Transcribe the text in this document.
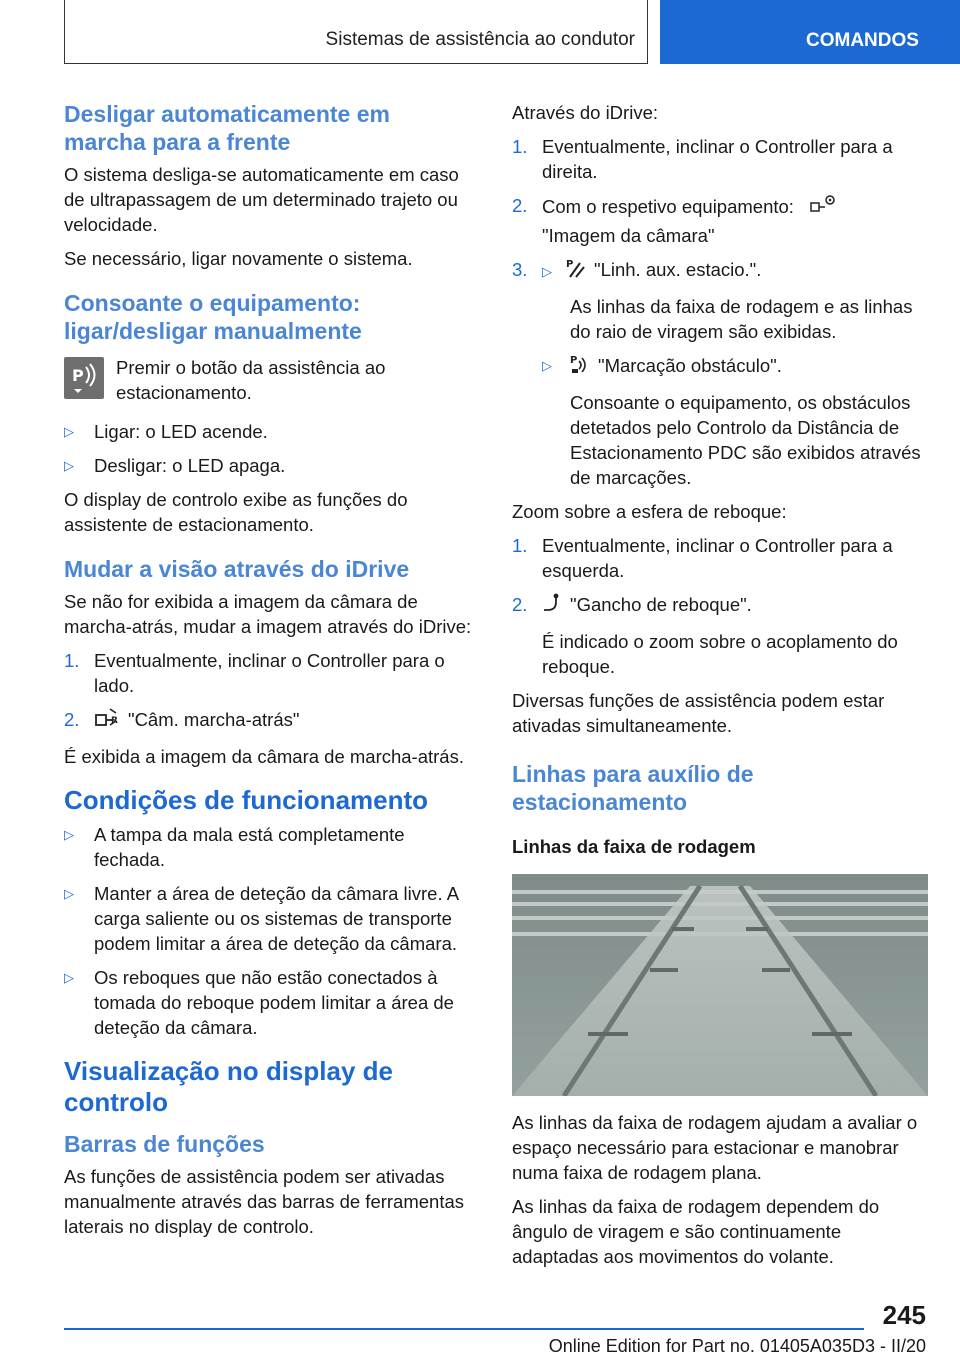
Sistemas de assistência ao condutor	COMANDOS
Desligar automaticamente em marcha para a frente

O sistema desliga-se automaticamente em caso de ultrapassagem de um determinado trajeto ou velocidade.

Se necessário, ligar novamente o sistema.

Consoante o equipamento: ligar/desligar manualmente
P Premir o botão da assistência ao estacionamento.

▷ Ligar: o LED acende.
▷ Desligar: o LED apaga.

O display de controlo exibe as funções do assistente de estacionamento.

Mudar a visão através do iDrive

Se não for exibida a imagem da câmara de marcha-atrás, mudar a imagem através do iDrive:

1. Eventualmente, inclinar o Controller para o lado.
2.	R "Câm. marcha-atrás"

É exibida a imagem da câmara de marcha-atrás.

Condições de funcionamento
▷ A tampa da mala está completamente fechada.
▷ Manter a área de deteção da câmara livre. A carga saliente ou os sistemas de transporte podem limitar a área de deteção da câmara.
▷ Os reboques que não estão conectados à tomada do reboque podem limitar a área de deteção da câmara.
Visualização no display de controlo
Barras de funções

As funções de assistência podem ser ativadas manualmente através das barras de ferramentas laterais no display de controlo.

Através do iDrive:

1. Eventualmente, inclinar o Controller para a direita.
2. Com o respetivo equipamento:
"Imagem da câmara"
3. ▷ P "Linh. aux. estacio.".

As linhas da faixa de rodagem e as linhas do raio de viragem são exibidas.

▷ P "Marcação obstáculo".

Consoante o equipamento, os obstáculos detetados pelo Controlo da Distância de Estacionamento PDC são exibidos através de marcações.

Zoom sobre a esfera de reboque:

1. Eventualmente, inclinar o Controller para a esquerda.
2. "Gancho de reboque".

É indicado o zoom sobre o acoplamento do reboque.

Diversas funções de assistência podem estar ativadas simultaneamente.

Linhas para auxílio de estacionamento
Linhas da faixa de rodagem

As linhas da faixa de rodagem ajudam a avaliar o espaço necessário para estacionar e manobrar numa faixa de rodagem plana.

As linhas da faixa de rodagem dependem do ângulo de viragem e são continuamente adaptadas aos movimentos do volante.

245
Online Edition for Part no. 01405A035D3 - II/20
